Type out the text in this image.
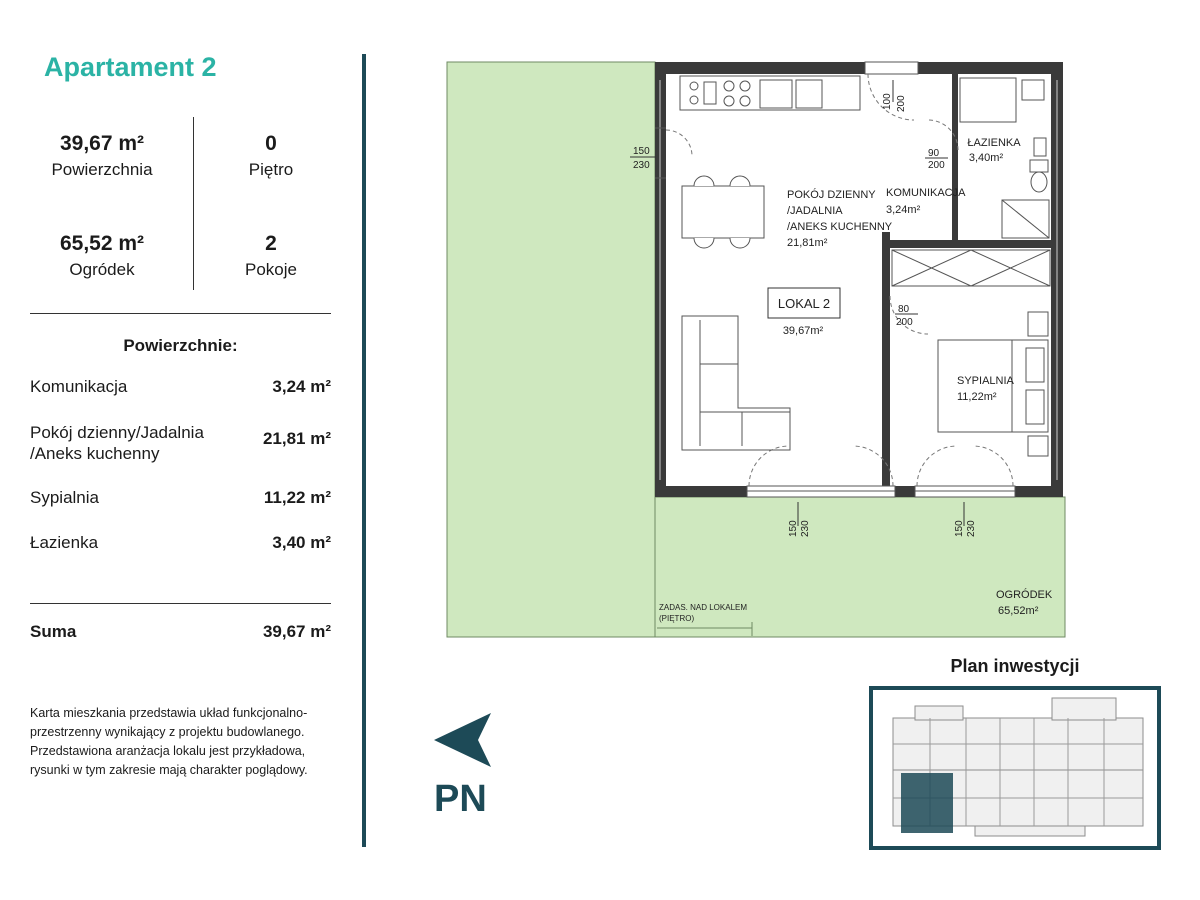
Apartament 2
39,67 m²
Powierzchnia
0
Piętro
65,52 m²
Ogródek
2
Pokoje
Powierzchnie:
Komunikacja	3,24 m²
Pokój dzienny/Jadalnia
/Aneks kuchenny
21,81 m²
Sypialnia	11,22 m²
Łazienka	3,40 m²
Suma	39,67 m²
Karta mieszkania przedstawia układ funkcjonalno-
przestrzenny wynikający z projektu budowlanego.
Przedstawiona aranżacja lokalu jest przykładowa,
rysunki w tym zakresie mają charakter poglądowy.
POKÓJ DZIENNY
/JADALNIA
/ANEKS KUCHENNY
21,81m²
KOMUNIKACJA
3,24m²
ŁAZIENKA
3,40m²
SYPIALNIA
11,22m²
OGRÓDEK
65,52m²
LOKAL 2
39,67m²
ZADAS. NAD LOKALEM
(PIĘTRO)
150
230
90
200
80
200
100 200
150 230	150 230
PN
Plan inwestycji
